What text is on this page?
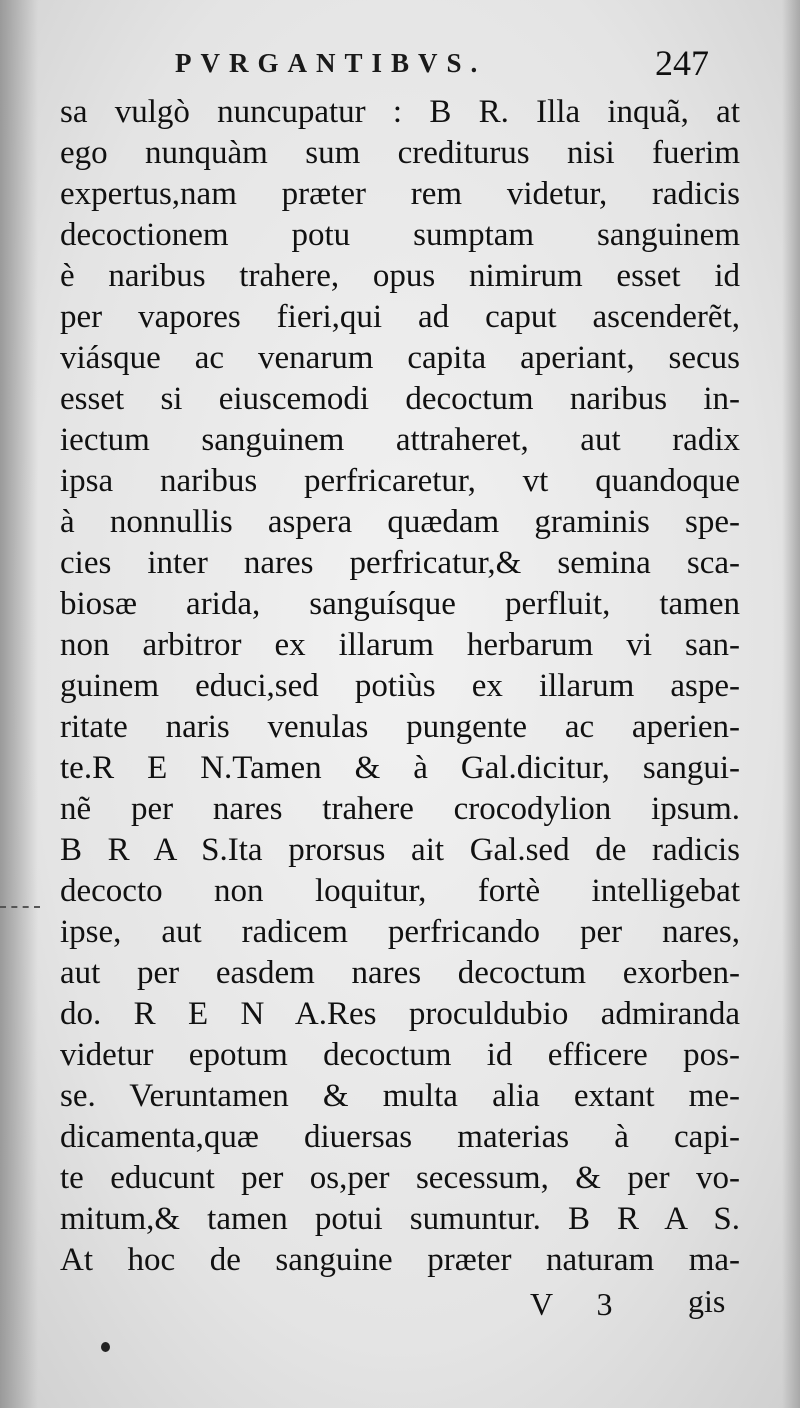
PVRGANTIBVS.	247
sa vulgò nuncupatur : B R. Illa inquã, at
ego nunquàm sum crediturus nisi fuerim
expertus,nam præter rem videtur, radicis
decoctionem potu sumptam sanguinem
è naribus trahere, opus nimirum esset id
per vapores fieri,qui ad caput ascenderẽt,
viásque ac venarum capita aperiant, secus
esset si eiuscemodi decoctum naribus in-
iectum sanguinem attraheret, aut radix
ipsa naribus perfricaretur, vt quandoque
à nonnullis aspera quædam graminis spe-
cies inter nares perfricatur,& semina sca-
biosæ arida, sanguísque perfluit, tamen
non arbitror ex illarum herbarum vi san-
guinem educi,sed potiùs ex illarum aspe-
ritate naris venulas pungente ac aperien-
te.R E N.Tamen & à Gal.dicitur, sangui-
nẽ per nares trahere crocodylion ipsum.
B R A S.Ita prorsus ait Gal.sed de radicis
decocto non loquitur, fortè intelligebat
ipse, aut radicem perfricando per nares,
aut per easdem nares decoctum exorben-
do. R E N A.Res proculdubio admiranda
videtur epotum decoctum id efficere pos-
se. Veruntamen & multa alia extant me-
dicamenta,quæ diuersas materias à capi-
te educunt per os,per secessum, & per vo-
mitum,& tamen potui sumuntur. B R A S.
At hoc de sanguine præter naturam ma-
V 3 gis
